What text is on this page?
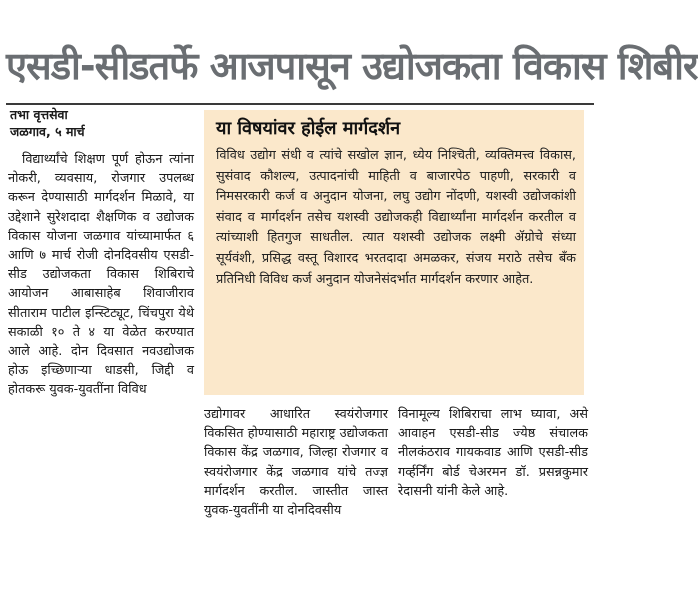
एसडी-सीडतर्फे आजपासून उद्योजकता विकास शिबीर
तभा वृत्तसेवा
जळगाव, ५ मार्च
विद्यार्थ्यांचे शिक्षण पूर्ण होऊन त्यांना नोकरी, व्यवसाय, रोजगार उपलब्ध करून देण्यासाठी मार्गदर्शन मिळावे, या उद्देशाने सुरेशदादा शैक्षणिक व उद्योजक विकास योजना जळगाव यांच्यामार्फत ६ आणि ७ मार्च रोजी दोनदिवसीय एसडी-सीड उद्योजकता विकास शिबिराचे आयोजन आबासाहेब शिवाजीराव सीताराम पाटील इन्स्टिट्यूट, चिंचपुरा येथे सकाळी १० ते ४ या वेळेत करण्यात आले आहे. दोन दिवसात नवउद्योजक होऊ इच्छिणाऱ्या धाडसी, जिद्दी व होतकरू युवक-युवतींना विविध
या विषयांवर होईल मार्गदर्शन
विविध उद्योग संधी व त्यांचे सखोल ज्ञान, ध्येय निश्चिती, व्यक्तिमत्त्व विकास, सुसंवाद कौशल्य, उत्पादनांची माहिती व बाजारपेठ पाहणी, सरकारी व निमसरकारी कर्ज व अनुदान योजना, लघु उद्योग नोंदणी, यशस्वी उद्योजकांशी संवाद व मार्गदर्शन तसेच यशस्वी उद्योजकही विद्यार्थ्यांना मार्गदर्शन करतील व त्यांच्याशी हितगुज साधतील. त्यात यशस्वी उद्योजक लक्ष्मी ॲग्रोचे संध्या सूर्यवंशी, प्रसिद्ध वस्तू विशारद भरतदादा अमळकर, संजय मराठे तसेच बँक प्रतिनिधी विविध कर्ज अनुदान योजनेसंदर्भात मार्गदर्शन करणार आहेत.
उद्योगावर आधारित स्वयंरोजगार विकसित होण्यासाठी महाराष्ट्र उद्योजकता विकास केंद्र जळगाव, जिल्हा रोजगार व स्वयंरोजगार केंद्र जळगाव यांचे तज्ज्ञ मार्गदर्शन करतील. जास्तीत जास्त युवक-युवतींनी या दोनदिवसीय
विनामूल्य शिबिराचा लाभ घ्यावा, असे आवाहन एसडी-सीड ज्येष्ठ संचालक नीलकंठराव गायकवाड आणि एसडी-सीड गर्व्हर्निंग बोर्ड चेअरमन डॉ. प्रसन्नकुमार रेदासनी यांनी केले आहे.
